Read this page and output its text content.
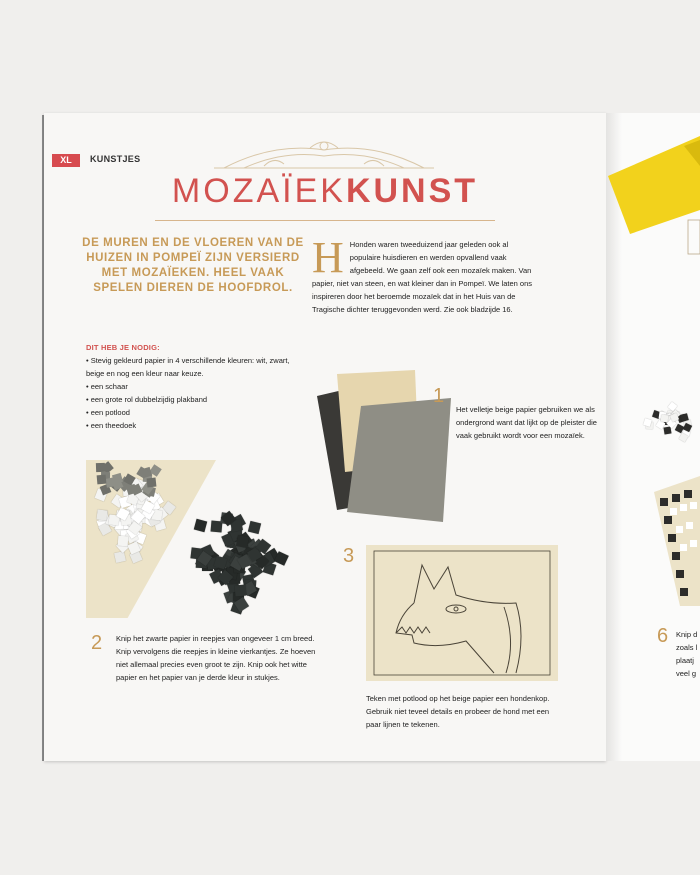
XL	KUNSTJES
MOZAÏEKKUNST
DE MUREN EN DE VLOEREN VAN DE HUIZEN IN POMPEÏ ZIJN VERSIERD MET MOZAÏEKEN. HEEL VAAK SPELEN DIEREN DE HOOFDROL.
DIT HEB JE NODIG:
• Stevig gekleurd papier in 4 verschillende kleuren: wit, zwart, beige en nog een kleur naar keuze.
• een schaar
• een grote rol dubbelzijdig plakband
• een potlood
• een theedoek
H Honden waren tweeduizend jaar geleden ook al populaire huisdieren en werden opvallend vaak afgebeeld. We gaan zelf ook een mozaïek maken. Van papier, niet van steen, en wat kleiner dan in Pompeï. We laten ons inspireren door het beroemde mozaïek dat in het Huis van de Tragische dichter teruggevonden werd. Zie ook bladzijde 16.
1
Het velletje beige papier gebruiken we als ondergrond want dat lijkt op de pleister die vaak gebruikt wordt voor een mozaïek.
2 Knip het zwarte papier in reepjes van ongeveer 1 cm breed. Knip vervolgens die reepjes in kleine vierkantjes. Ze hoeven niet allemaal precies even groot te zijn. Knip ook het witte papier en het papier van je derde kleur in stukjes.
3
Teken met potlood op het beige papier een hondenkop. Gebruik niet teveel details en probeer de hond met een paar lijnen te tekenen.
6 Knip d zoals l plaatj veel g
